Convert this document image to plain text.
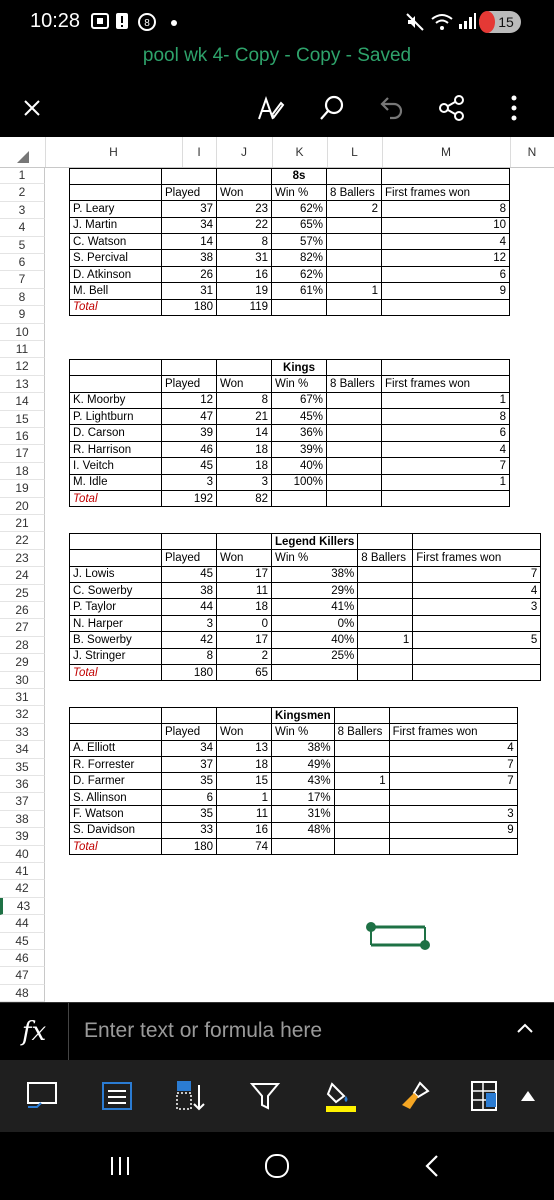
10:28	8	15
pool wk 4- Copy - Copy - Saved
H	I	J	K	L	M	N
1
2
3
4
5
6
7
8
9
10
11
12
13
14
15
16
17
18
19
20
21
22
23
24
25
26
27
28
29
30
31
32
33
34
35
36
37
38
39
40
41
42
43
44
45
46
47
48
			8s		
	Played	Won	Win %	8 Ballers	First frames won
P. Leary	37	23	62%	2	8
J. Martin	34	22	65%		10
C. Watson	14	8	57%		4
S. Percival	38	31	82%		12
D. Atkinson	26	16	62%		6
M. Bell	31	19	61%	1	9
Total	180	119			
			Kings		
	Played	Won	Win %	8 Ballers	First frames won
K. Moorby	12	8	67%		1
P. Lightburn	47	21	45%		8
D. Carson	39	14	36%		6
R. Harrison	46	18	39%		4
I. Veitch	45	18	40%		7
M. Idle	3	3	100%		1
Total	192	82			
			Legend Killers		
	Played	Won	Win %	8 Ballers	First frames won
J. Lowis	45	17	38%		7
C. Sowerby	38	11	29%		4
P. Taylor	44	18	41%		3
N. Harper	3	0	0%		
B. Sowerby	42	17	40%	1	5
J. Stringer	8	2	25%		
Total	180	65			
			Kingsmen		
	Played	Won	Win %	8 Ballers	First frames won
A. Elliott	34	13	38%		4
R. Forrester	37	18	49%		7
D. Farmer	35	15	43%	1	7
S. Allinson	6	1	17%		
F. Watson	35	11	31%		3
S. Davidson	33	16	48%		9
Total	180	74			
fx	Enter text or formula here
